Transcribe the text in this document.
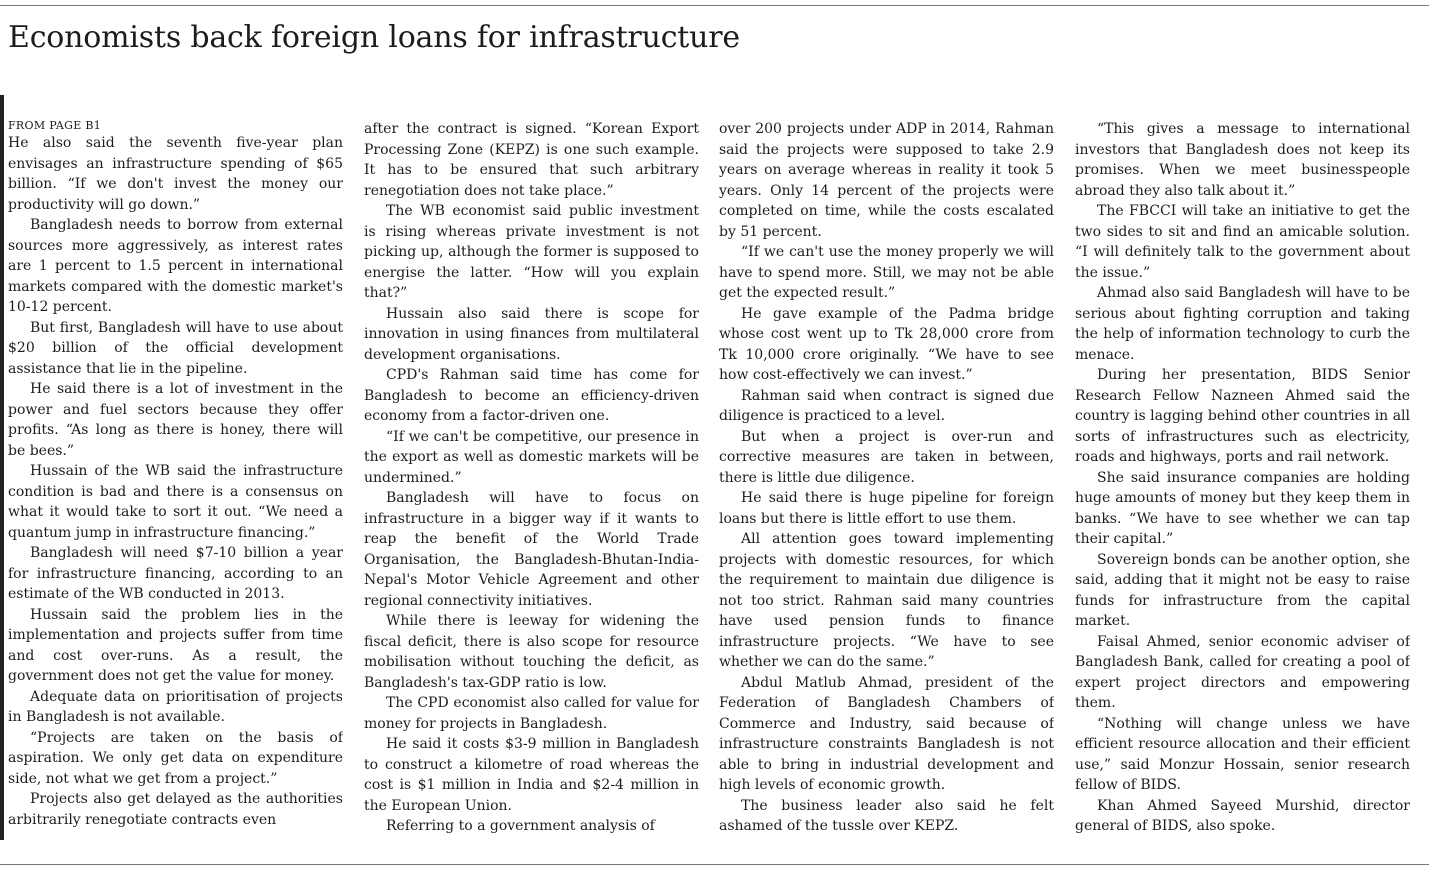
Economists back foreign loans for infrastructure
FROM PAGE B1

He also said the seventh five-year plan envisages an infrastructure spending of $65 billion. “If we don't invest the money our productivity will go down.”

Bangladesh needs to borrow from external sources more aggressively, as interest rates are 1 percent to 1.5 percent in international markets compared with the domestic market's 10-12 percent.

But first, Bangladesh will have to use about $20 billion of the official development assistance that lie in the pipeline.

He said there is a lot of investment in the power and fuel sectors because they offer profits. “As long as there is honey, there will be bees.”

Hussain of the WB said the infrastructure condition is bad and there is a consensus on what it would take to sort it out. “We need a quantum jump in infrastructure financing.”

Bangladesh will need $7-10 billion a year for infrastructure financing, according to an estimate of the WB conducted in 2013.

Hussain said the problem lies in the implementation and projects suffer from time and cost over-runs. As a result, the government does not get the value for money.

Adequate data on prioritisation of projects in Bangladesh is not available.

“Projects are taken on the basis of aspiration. We only get data on expenditure side, not what we get from a project.”

Projects also get delayed as the authorities arbitrarily renegotiate contracts even

after the contract is signed. “Korean Export Processing Zone (KEPZ) is one such example. It has to be ensured that such arbitrary renegotiation does not take place.”

The WB economist said public investment is rising whereas private investment is not picking up, although the former is supposed to energise the latter. “How will you explain that?”

Hussain also said there is scope for innovation in using finances from multilateral development organisations.

CPD's Rahman said time has come for Bangladesh to become an efficiency-driven economy from a factor-driven one.

“If we can't be competitive, our presence in the export as well as domestic markets will be undermined.”

Bangladesh will have to focus on infrastructure in a bigger way if it wants to reap the benefit of the World Trade Organisation, the Bangladesh-Bhutan-India-Nepal's Motor Vehicle Agreement and other regional connectivity initiatives.

While there is leeway for widening the fiscal deficit, there is also scope for resource mobilisation without touching the deficit, as Bangladesh's tax-GDP ratio is low.

The CPD economist also called for value for money for projects in Bangladesh.

He said it costs $3-9 million in Bangladesh to construct a kilometre of road whereas the cost is $1 million in India and $2-4 million in the European Union.

Referring to a government analysis of

over 200 projects under ADP in 2014, Rahman said the projects were supposed to take 2.9 years on average whereas in reality it took 5 years. Only 14 percent of the projects were completed on time, while the costs escalated by 51 percent.

“If we can't use the money properly we will have to spend more. Still, we may not be able get the expected result.”

He gave example of the Padma bridge whose cost went up to Tk 28,000 crore from Tk 10,000 crore originally. “We have to see how cost-effectively we can invest.”

Rahman said when contract is signed due diligence is practiced to a level.

But when a project is over-run and corrective measures are taken in between, there is little due diligence.

He said there is huge pipeline for foreign loans but there is little effort to use them.

All attention goes toward implementing projects with domestic resources, for which the requirement to maintain due diligence is not too strict. Rahman said many countries have used pension funds to finance infrastructure projects. “We have to see whether we can do the same.”

Abdul Matlub Ahmad, president of the Federation of Bangladesh Chambers of Commerce and Industry, said because of infrastructure constraints Bangladesh is not able to bring in industrial development and high levels of economic growth.

The business leader also said he felt ashamed of the tussle over KEPZ.

“This gives a message to international investors that Bangladesh does not keep its promises. When we meet businesspeople abroad they also talk about it.”

The FBCCI will take an initiative to get the two sides to sit and find an amicable solution. “I will definitely talk to the government about the issue.”

Ahmad also said Bangladesh will have to be serious about fighting corruption and taking the help of information technology to curb the menace.

During her presentation, BIDS Senior Research Fellow Nazneen Ahmed said the country is lagging behind other countries in all sorts of infrastructures such as electricity, roads and highways, ports and rail network.

She said insurance companies are holding huge amounts of money but they keep them in banks. “We have to see whether we can tap their capital.”

Sovereign bonds can be another option, she said, adding that it might not be easy to raise funds for infrastructure from the capital market.

Faisal Ahmed, senior economic adviser of Bangladesh Bank, called for creating a pool of expert project directors and empowering them.

“Nothing will change unless we have efficient resource allocation and their efficient use,” said Monzur Hossain, senior research fellow of BIDS.

Khan Ahmed Sayeed Murshid, director general of BIDS, also spoke.
